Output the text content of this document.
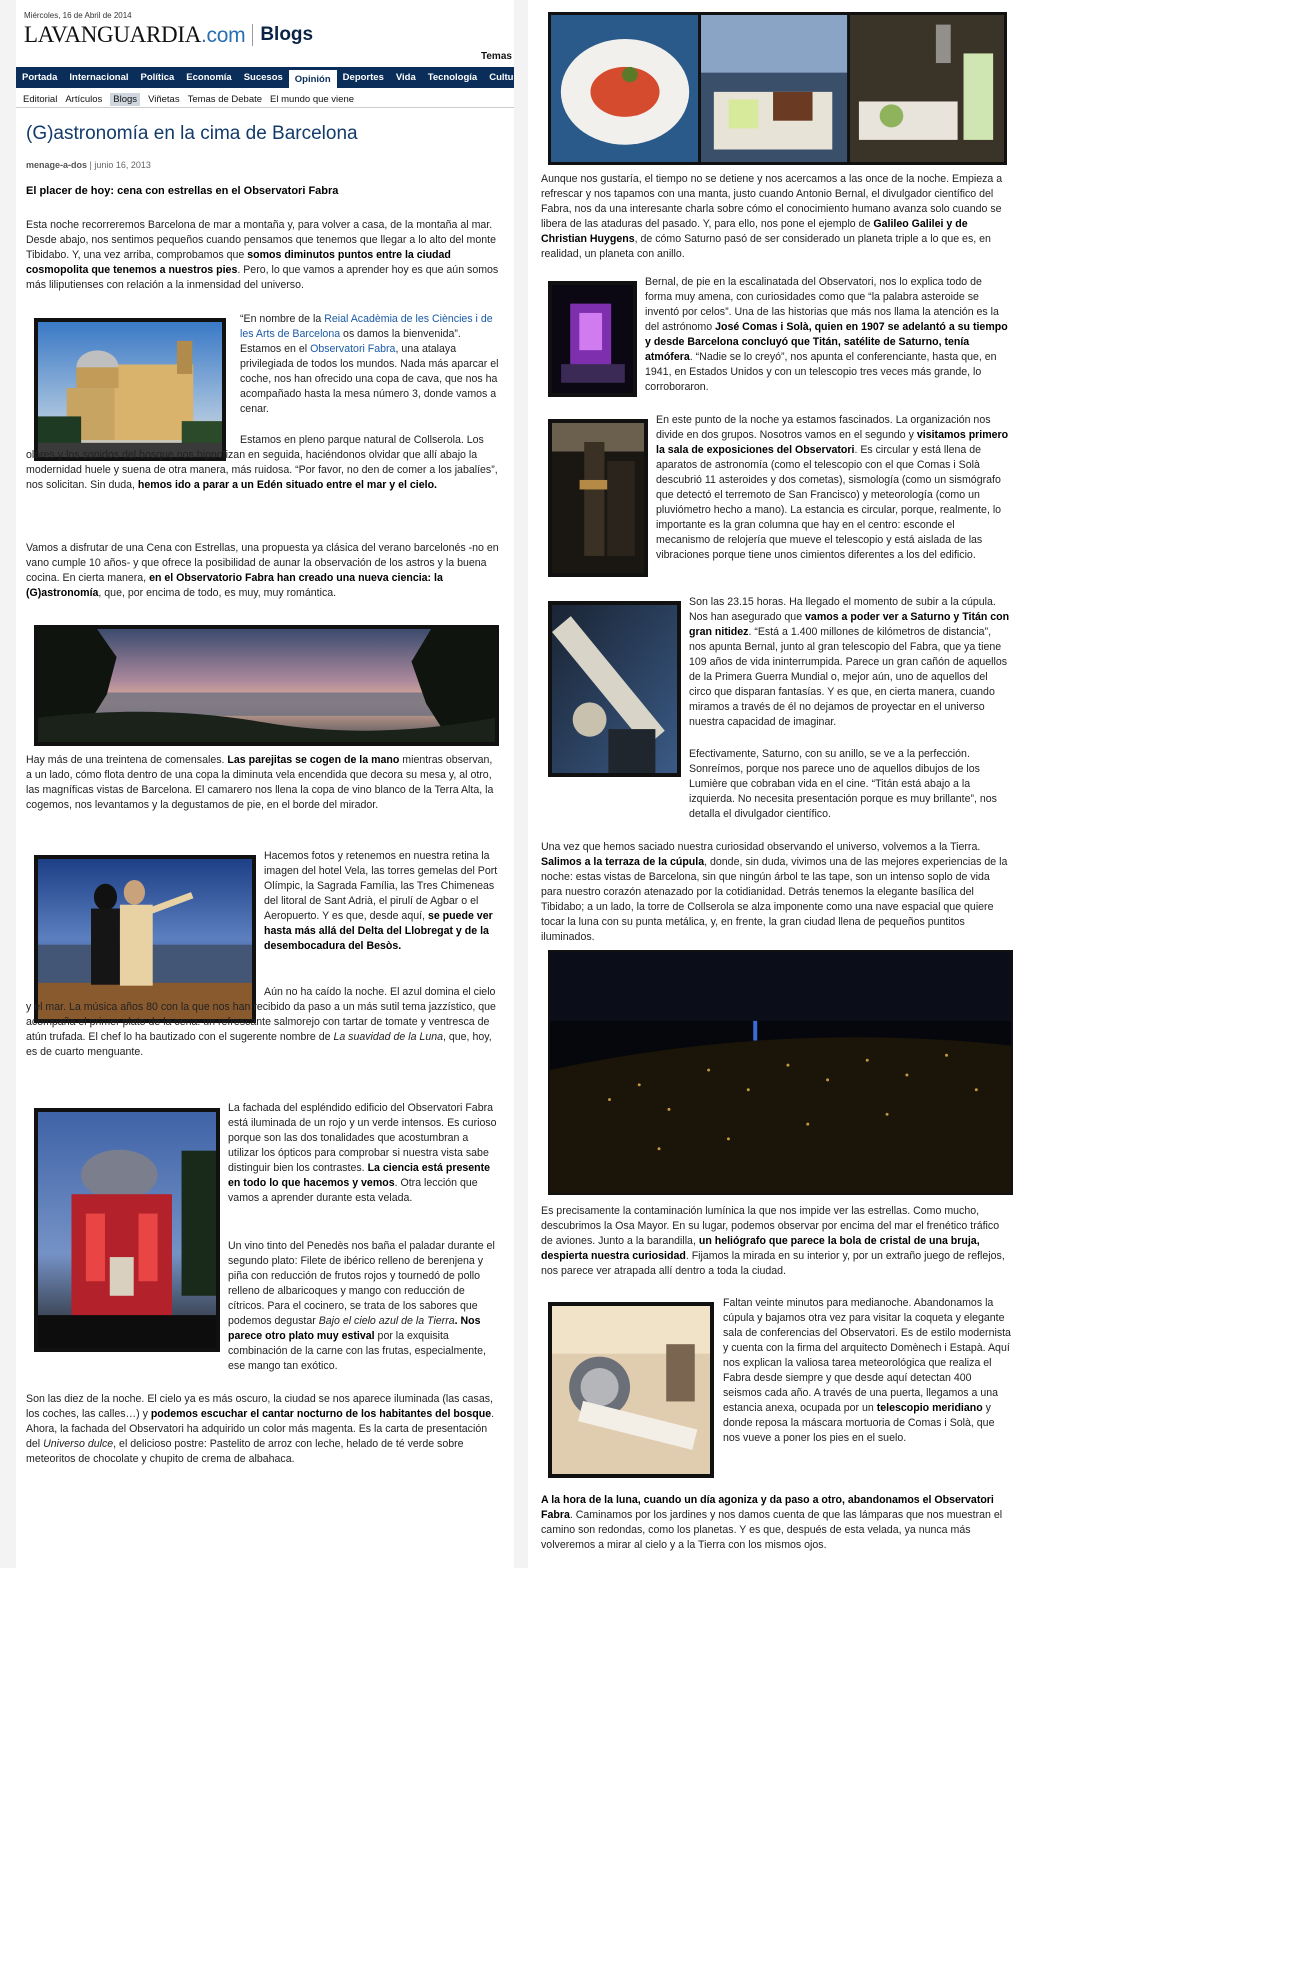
Miércoles, 16 de Abril de 2014
LAVANGUARDIA.com Blogs
Temas
Portada	Internacional	Política	Economía	Sucesos	Opinión	Deportes	Vida	Tecnología	Cultu
Editorial Artículos	Blogs	Viñetas Temas de Debate El mundo que viene
(G)astronomía en la cima de Barcelona
menage-a-dos | junio 16, 2013
El placer de hoy: cena con estrellas en el Observatori Fabra
Esta noche recorreremos Barcelona de mar a montaña y, para volver a casa, de la montaña al mar. Desde abajo, nos sentimos pequeños cuando pensamos que tenemos que llegar a lo alto del monte Tibidabo. Y, una vez arriba, comprobamos que somos diminutos puntos entre la ciudad cosmopolita que tenemos a nuestros pies. Pero, lo que vamos a aprender hoy es que aún somos más liliputienses con relación a la inmensidad del universo.
“En nombre de la Reial Acadèmia de les Ciències i de les Arts de Barcelona os damos la bienvenida”. Estamos en el Observatori Fabra, una atalaya privilegiada de todos los mundos. Nada más aparcar el coche, nos han ofrecido una copa de cava, que nos ha acompañado hasta la mesa número 3, donde vamos a cenar.
Estamos en pleno parque natural de Collserola. Los olores y los sonidos del bosque nos hipnotizan en seguida, haciéndonos olvidar que allí abajo la modernidad huele y suena de otra manera, más ruidosa. “Por favor, no den de comer a los jabalíes”, nos solicitan. Sin duda, hemos ido a parar a un Edén situado entre el mar y el cielo.
Vamos a disfrutar de una Cena con Estrellas, una propuesta ya clásica del verano barcelonés -no en vano cumple 10 años- y que ofrece la posibilidad de aunar la observación de los astros y la buena cocina. En cierta manera, en el Observatorio Fabra han creado una nueva ciencia: la (G)astronomía, que, por encima de todo, es muy, muy romántica.
Hay más de una treintena de comensales. Las parejitas se cogen de la mano mientras observan, a un lado, cómo flota dentro de una copa la diminuta vela encendida que decora su mesa y, al otro, las magníficas vistas de Barcelona. El camarero nos llena la copa de vino blanco de la Terra Alta, la cogemos, nos levantamos y la degustamos de pie, en el borde del mirador.
Hacemos fotos y retenemos en nuestra retina la imagen del hotel Vela, las torres gemelas del Port Olímpic, la Sagrada Família, las Tres Chimeneas del litoral de Sant Adrià, el pirulí de Agbar o el Aeropuerto. Y es que, desde aquí, se puede ver hasta más allá del Delta del Llobregat y de la desembocadura del Besòs.
Aún no ha caído la noche. El azul domina el cielo y el mar. La música años 80 con la que nos han recibido da paso a un más sutil tema jazzístico, que acompaña el primer plato de la cena: un refrescante salmorejo con tartar de tomate y ventresca de atún trufada. El chef lo ha bautizado con el sugerente nombre de La suavidad de la Luna, que, hoy, es de cuarto menguante.
La fachada del espléndido edificio del Observatori Fabra está iluminada de un rojo y un verde intensos. Es curioso porque son las dos tonalidades que acostumbran a utilizar los ópticos para comprobar si nuestra vista sabe distinguir bien los contrastes. La ciencia está presente en todo lo que hacemos y vemos. Otra lección que vamos a aprender durante esta velada.
Un vino tinto del Penedès nos baña el paladar durante el segundo plato: Filete de ibérico relleno de berenjena y piña con reducción de frutos rojos y tournedó de pollo relleno de albaricoques y mango con reducción de cítricos. Para el cocinero, se trata de los sabores que podemos degustar Bajo el cielo azul de la Tierra. Nos parece otro plato muy estival por la exquisita combinación de la carne con las frutas, especialmente, ese mango tan exótico.
Son las diez de la noche. El cielo ya es más oscuro, la ciudad se nos aparece iluminada (las casas, los coches, las calles…) y podemos escuchar el cantar nocturno de los habitantes del bosque. Ahora, la fachada del Observatori ha adquirido un color más magenta. Es la carta de presentación del Universo dulce, el delicioso postre: Pastelito de arroz con leche, helado de té verde sobre meteoritos de chocolate y chupito de crema de albahaca.
Aunque nos gustaría, el tiempo no se detiene y nos acercamos a las once de la noche. Empieza a refrescar y nos tapamos con una manta, justo cuando Antonio Bernal, el divulgador científico del Fabra, nos da una interesante charla sobre cómo el conocimiento humano avanza solo cuando se libera de las ataduras del pasado. Y, para ello, nos pone el ejemplo de Galileo Galilei y de Christian Huygens, de cómo Saturno pasó de ser considerado un planeta triple a lo que es, en realidad, un planeta con anillo.
Bernal, de pie en la escalinatada del Observatori, nos lo explica todo de forma muy amena, con curiosidades como que “la palabra asteroide se inventó por celos”. Una de las historias que más nos llama la atención es la del astrónomo José Comas i Solà, quien en 1907 se adelantó a su tiempo y desde Barcelona concluyó que Titán, satélite de Saturno, tenía atmófera. “Nadie se lo creyó”, nos apunta el conferenciante, hasta que, en 1941, en Estados Unidos y con un telescopio tres veces más grande, lo corroboraron.
En este punto de la noche ya estamos fascinados. La organización nos divide en dos grupos. Nosotros vamos en el segundo y visitamos primero la sala de exposiciones del Observatori. Es circular y está llena de aparatos de astronomía (como el telescopio con el que Comas i Solà descubrió 11 asteroides y dos cometas), sismología (como un sismógrafo que detectó el terremoto de San Francisco) y meteorología (como un pluviómetro hecho a mano). La estancia es circular, porque, realmente, lo importante es la gran columna que hay en el centro: esconde el mecanismo de relojería que mueve el telescopio y está aislada de las vibraciones porque tiene unos cimientos diferentes a los del edificio.
Son las 23.15 horas. Ha llegado el momento de subir a la cúpula. Nos han asegurado que vamos a poder ver a Saturno y Titán con gran nitidez. “Está a 1.400 millones de kilómetros de distancia”, nos apunta Bernal, junto al gran telescopio del Fabra, que ya tiene 109 años de vida ininterrumpida. Parece un gran cañón de aquellos de la Primera Guerra Mundial o, mejor aún, uno de aquellos del circo que disparan fantasías. Y es que, en cierta manera, cuando miramos a través de él no dejamos de proyectar en el universo nuestra capacidad de imaginar.
Efectivamente, Saturno, con su anillo, se ve a la perfección. Sonreímos, porque nos parece uno de aquellos dibujos de los Lumière que cobraban vida en el cine. “Titán está abajo a la izquierda. No necesita presentación porque es muy brillante”, nos detalla el divulgador científico.
Una vez que hemos saciado nuestra curiosidad observando el universo, volvemos a la Tierra. Salimos a la terraza de la cúpula, donde, sin duda, vivimos una de las mejores experiencias de la noche: estas vistas de Barcelona, sin que ningún árbol te las tape, son un intenso soplo de vida para nuestro corazón atenazado por la cotidianidad. Detrás tenemos la elegante basílica del Tibidabo; a un lado, la torre de Collserola se alza imponente como una nave espacial que quiere tocar la luna con su punta metálica, y, en frente, la gran ciudad llena de pequeños puntitos iluminados.
Es precisamente la contaminación lumínica la que nos impide ver las estrellas. Como mucho, descubrimos la Osa Mayor. En su lugar, podemos observar por encima del mar el frenético tráfico de aviones. Junto a la barandilla, un heliógrafo que parece la bola de cristal de una bruja, despierta nuestra curiosidad. Fijamos la mirada en su interior y, por un extraño juego de reflejos, nos parece ver atrapada allí dentro a toda la ciudad.
Faltan veinte minutos para medianoche. Abandonamos la cúpula y bajamos otra vez para visitar la coqueta y elegante sala de conferencias del Observatori. Es de estilo modernista y cuenta con la firma del arquitecto Domènech i Estapà. Aquí nos explican la valiosa tarea meteorológica que realiza el Fabra desde siempre y que desde aquí detectan 400 seismos cada año. A través de una puerta, llegamos a una estancia anexa, ocupada por un telescopio meridiano y donde reposa la máscara mortuoria de Comas i Solà, que nos vueve a poner los pies en el suelo.
A la hora de la luna, cuando un día agoniza y da paso a otro, abandonamos el Observatori Fabra. Caminamos por los jardines y nos damos cuenta de que las lámparas que nos muestran el camino son redondas, como los planetas. Y es que, después de esta velada, ya nunca más volveremos a mirar al cielo y a la Tierra con los mismos ojos.
